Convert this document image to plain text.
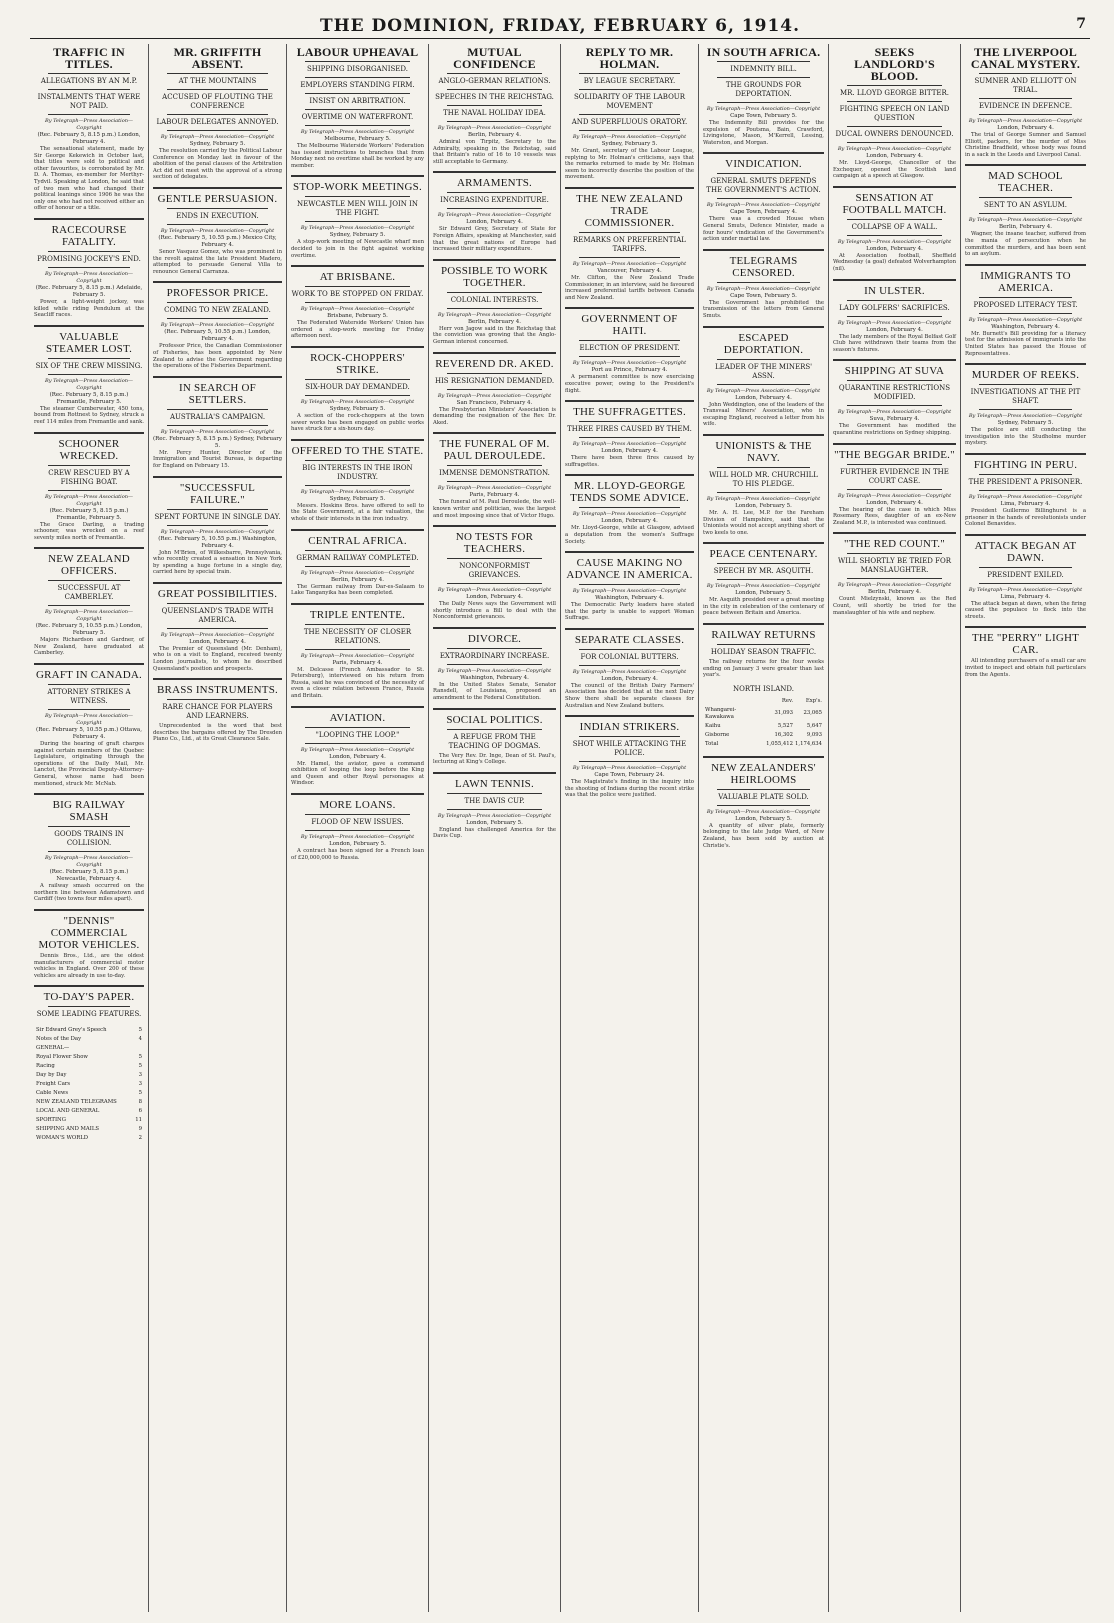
THE DOMINION, FRIDAY, FEBRUARY 6, 1914.	7
TRAFFIC IN TITLES.
ALLEGATIONS BY AN M.P.
INSTALMENTS THAT WERE NOT PAID.
By Telegraph—Press Association—Copyright
(Rec. February 5, 8.15 p.m.) London, February 4.

The sensational statement, made by Sir George Kekewich in October last, that titles were sold to political and other favourites, is corroborated by Mr. D. A. Thomas, ex-member for Merthyr-Tydvil. Speaking at London, he said that of two men who had changed their political leanings since 1906 he was the only one who had not received either an offer of honour or a title.

RACECOURSE FATALITY.
PROMISING JOCKEY'S END.
By Telegraph—Press Association—Copyright
(Rec. February 5, 8.15 p.m.) Adelaide, February 5.

Power, a light-weight jockey, was killed while riding Pendulum at the Seacliff races.

VALUABLE STEAMER LOST.
SIX OF THE CREW MISSING.
By Telegraph—Press Association—Copyright
(Rec. February 5, 8.15 p.m.) Fremantle, February 5.

The steamer Cumberwater, 450 tons, bound from Rottnest to Sydney, struck a reef 114 miles from Fremantle and sank.

SCHOONER WRECKED.
CREW RESCUED BY A FISHING BOAT.
By Telegraph—Press Association—Copyright
(Rec. February 5, 8.15 p.m.) Fremantle, February 5.

The Grace Darling, a trading schooner, was wrecked on a reef seventy miles north of Fremantle.

NEW ZEALAND OFFICERS.
SUCCESSFUL AT CAMBERLEY.
By Telegraph—Press Association—Copyright
(Rec. February 5, 10.55 p.m.) London, February 5.

Majors Richardson and Gardner, of New Zealand, have graduated at Camberley.

GRAFT IN CANADA.
ATTORNEY STRIKES A WITNESS.
By Telegraph—Press Association—Copyright
(Rec. February 5, 10.55 p.m.) Ottawa, February 4.

During the hearing of graft charges against certain members of the Quebec Legislature, originating through the operations of the Daily Mail, Mr. Lanctot, the Provincial Deputy-Attorney-General, whose name had been mentioned, struck Mr. McNab.

BIG RAILWAY SMASH
GOODS TRAINS IN COLLISION.
By Telegraph—Press Association—Copyright
(Rec. February 5, 8.15 p.m.) Newcastle, February 4.

A railway smash occurred on the northern line between Adamstown and Cardiff (two towns four miles apart).

"DENNIS" COMMERCIAL MOTOR VEHICLES.

Dennis Bros., Ltd., are the oldest manufacturers of commercial motor vehicles in England. Over 200 of these vehicles are already in use to-day.

TO-DAY'S PAPER.
SOME LEADING FEATURES.
Sir Edward Grey's Speech	5
Notes of the Day	4
GENERAL—	
Royal Flower Show	5
Racing	5
Day by Day	3
Freight Cars	3
Cable News	5
NEW ZEALAND TELEGRAMS	8
LOCAL AND GENERAL	6
SPORTING	11
SHIPPING AND MAILS	9
WOMAN'S WORLD	2
MR. GRIFFITH ABSENT.
AT THE MOUNTAINS
ACCUSED OF FLOUTING THE CONFERENCE
LABOUR DELEGATES ANNOYED.
By Telegraph—Press Association—Copyright
Sydney, February 5.

The resolution carried by the Political Labour Conference on Monday last in favour of the abolition of the penal clauses of the Arbitration Act did not meet with the approval of a strong section of delegates.

GENTLE PERSUASION.
ENDS IN EXECUTION.
By Telegraph—Press Association—Copyright
(Rec. February 5, 10.55 p.m.) Mexico City, February 4.

Senor Vasquez Gomez, who was prominent in the revolt against the late President Madero, attempted to persuade General Villa to renounce General Carranza.

PROFESSOR PRICE.
COMING TO NEW ZEALAND.
By Telegraph—Press Association—Copyright
(Rec. February 5, 10.55 p.m.) London, February 4.

Professor Price, the Canadian Commissioner of Fisheries, has been appointed by New Zealand to advise the Government regarding the operations of the Fisheries Department.

IN SEARCH OF SETTLERS.
AUSTRALIA'S CAMPAIGN.
By Telegraph—Press Association—Copyright
(Rec. February 5, 8.15 p.m.) Sydney, February 5.

Mr. Percy Hunter, Director of the Immigration and Tourist Bureau, is departing for England on February 15.

"SUCCESSFUL FAILURE."
SPENT FORTUNE IN SINGLE DAY.
By Telegraph—Press Association—Copyright
(Rec. February 5, 10.55 p.m.) Washington, February 4.

John M'Brien, of Wilkesbarre, Pennsylvania, who recently created a sensation in New York by spending a huge fortune in a single day, carried here by special train.

GREAT POSSIBILITIES.
QUEENSLAND'S TRADE WITH AMERICA.
By Telegraph—Press Association—Copyright
London, February 4.

The Premier of Queensland (Mr. Denham), who is on a visit to England, received twenty London journalists, to whom he described Queensland's position and prospects.

BRASS INSTRUMENTS.
RARE CHANCE FOR PLAYERS AND LEARNERS.

Unprecedented is the word that best describes the bargains offered by The Dresden Piano Co., Ltd., at its Great Clearance Sale.

LABOUR UPHEAVAL
SHIPPING DISORGANISED.
EMPLOYERS STANDING FIRM.
INSIST ON ARBITRATION.
OVERTIME ON WATERFRONT.
By Telegraph—Press Association—Copyright
Melbourne, February 5.

The Melbourne Waterside Workers' Federation has issued instructions to branches that from Monday next no overtime shall be worked by any member.

STOP-WORK MEETINGS.
NEWCASTLE MEN WILL JOIN IN THE FIGHT.
By Telegraph—Press Association—Copyright
Sydney, February 5.

A stop-work meeting of Newcastle wharf men decided to join in the fight against working overtime.

AT BRISBANE.
WORK TO BE STOPPED ON FRIDAY.
By Telegraph—Press Association—Copyright
Brisbane, February 5.

The Federated Waterside Workers' Union has ordered a stop-work meeting for Friday afternoon next.

ROCK-CHOPPERS' STRIKE.
SIX-HOUR DAY DEMANDED.
By Telegraph—Press Association—Copyright
Sydney, February 5.

A section of the rock-choppers at the town sewer works has been engaged on public works have struck for a six-hours day.

OFFERED TO THE STATE.
BIG INTERESTS IN THE IRON INDUSTRY.
By Telegraph—Press Association—Copyright
Sydney, February 5.

Messrs. Hoskins Bros. have offered to sell to the State Government, at a fair valuation, the whole of their interests in the iron industry.

CENTRAL AFRICA.
GERMAN RAILWAY COMPLETED.
By Telegraph—Press Association—Copyright
Berlin, February 4.

The German railway from Dar-es-Salaam to Lake Tanganyika has been completed.

TRIPLE ENTENTE.
THE NECESSITY OF CLOSER RELATIONS.
By Telegraph—Press Association—Copyright
Paris, February 4.

M. Delcasse (French Ambassador to St. Petersburg), interviewed on his return from Russia, said he was convinced of the necessity of even a closer relation between France, Russia and Britain.

AVIATION.
"LOOPING THE LOOP."
By Telegraph—Press Association—Copyright
London, February 4.

Mr. Hamel, the aviator, gave a command exhibition of looping the loop before the King and Queen and other Royal personages at Windsor.

MORE LOANS.
FLOOD OF NEW ISSUES.
By Telegraph—Press Association—Copyright
London, February 5.

A contract has been signed for a French loan of £20,000,000 to Russia.

MUTUAL CONFIDENCE
ANGLO-GERMAN RELATIONS.
SPEECHES IN THE REICHSTAG.
THE NAVAL HOLIDAY IDEA.
By Telegraph—Press Association—Copyright
Berlin, February 4.

Admiral von Tirpitz, Secretary to the Admiralty, speaking in the Reichstag, said that Britain's ratio of 16 to 10 vessels was still acceptable to Germany.

ARMAMENTS.
INCREASING EXPENDITURE.
By Telegraph—Press Association—Copyright
London, February 4.

Sir Edward Grey, Secretary of State for Foreign Affairs, speaking at Manchester, said that the great nations of Europe had increased their military expenditure.

POSSIBLE TO WORK TOGETHER.
COLONIAL INTERESTS.
By Telegraph—Press Association—Copyright
Berlin, February 4.

Herr von Jagow said in the Reichstag that the conviction was growing that the Anglo-German interest concerned.

REVEREND DR. AKED.
HIS RESIGNATION DEMANDED.
By Telegraph—Press Association—Copyright
San Francisco, February 4.

The Presbyterian Ministers' Association is demanding the resignation of the Rev. Dr. Aked.

THE FUNERAL OF M. PAUL DEROULEDE.
IMMENSE DEMONSTRATION.
By Telegraph—Press Association—Copyright
Paris, February 4.

The funeral of M. Paul Deroulede, the well-known writer and politician, was the largest and most imposing since that of Victor Hugo.

NO TESTS FOR TEACHERS.
NONCONFORMIST GRIEVANCES.
By Telegraph—Press Association—Copyright
London, February 4.

The Daily News says the Government will shortly introduce a Bill to deal with the Nonconformist grievances.

DIVORCE.
EXTRAORDINARY INCREASE.
By Telegraph—Press Association—Copyright
Washington, February 4.

In the United States Senate, Senator Ransdell, of Louisiana, proposed an amendment to the Federal Constitution.

SOCIAL POLITICS.
A REFUGE FROM THE TEACHING OF DOGMAS.

The Very Rev. Dr. Inge, Dean of St. Paul's, lecturing at King's College.

LAWN TENNIS.
THE DAVIS CUP.
By Telegraph—Press Association—Copyright
London, February 5.

England has challenged America for the Davis Cup.

REPLY TO MR. HOLMAN.
BY LEAGUE SECRETARY.
SOLIDARITY OF THE LABOUR MOVEMENT
AND SUPERFLUOUS ORATORY.
By Telegraph—Press Association—Copyright
Sydney, February 5.

Mr. Grant, secretary of the Labour League, replying to Mr. Holman's criticisms, says that the remarks returned to made by Mr. Holman seem to incorrectly describe the position of the movement.

THE NEW ZEALAND TRADE COMMISSIONER.
REMARKS ON PREFERENTIAL TARIFFS.
By Telegraph—Press Association—Copyright
Vancouver, February 4.

Mr. Clifton, the New Zealand Trade Commissioner, in an interview, said he favoured increased preferential tariffs between Canada and New Zealand.

GOVERNMENT OF HAITI.
ELECTION OF PRESIDENT.
By Telegraph—Press Association—Copyright
Port au Prince, February 4.

A permanent committee is now exercising executive power, owing to the President's flight.

THE SUFFRAGETTES.
THREE FIRES CAUSED BY THEM.
By Telegraph—Press Association—Copyright
London, February 4.

There have been three fires caused by suffragettes.

MR. LLOYD-GEORGE TENDS SOME ADVICE.
By Telegraph—Press Association—Copyright
London, February 4.

Mr. Lloyd-George, while at Glasgow, advised a deputation from the women's Suffrage Society.

CAUSE MAKING NO ADVANCE IN AMERICA.
By Telegraph—Press Association—Copyright
Washington, February 4.

The Democratic Party leaders have stated that the party is unable to support Woman Suffrage.

SEPARATE CLASSES.
FOR COLONIAL BUTTERS.
By Telegraph—Press Association—Copyright
London, February 4.

The council of the British Dairy Farmers' Association has decided that at the next Dairy Show there shall be separate classes for Australian and New Zealand butters.

INDIAN STRIKERS.
SHOT WHILE ATTACKING THE POLICE.
By Telegraph—Press Association—Copyright
Cape Town, February 24.

The Magistrate's finding in the inquiry into the shooting of Indians during the recent strike was that the police were justified.

IN SOUTH AFRICA.
INDEMNITY BILL.
THE GROUNDS FOR DEPORTATION.
By Telegraph—Press Association—Copyright
Cape Town, February 5.

The Indemnity Bill provides for the expulsion of Poutsma, Bain, Crawford, Livingstone, Mason, M'Kerrell, Lessing, Waterston, and Morgan.

VINDICATION.
GENERAL SMUTS DEFENDS THE GOVERNMENT'S ACTION.
By Telegraph—Press Association—Copyright
Cape Town, February 4.

There was a crowded House when General Smuts, Defence Minister, made a four hours' vindication of the Government's action under martial law.

TELEGRAMS CENSORED.
By Telegraph—Press Association—Copyright
Cape Town, February 5.

The Government has prohibited the transmission of the letters from General Smuts.

ESCAPED DEPORTATION.
LEADER OF THE MINERS' ASSN.
By Telegraph—Press Association—Copyright
London, February 4.

John Weddington, one of the leaders of the Transvaal Miners' Association, who in escaping England, received a letter from his wife.

UNIONISTS & THE NAVY.
WILL HOLD MR. CHURCHILL TO HIS PLEDGE.
By Telegraph—Press Association—Copyright
London, February 5.

Mr. A. H. Lee, M.P. for the Fareham Division of Hampshire, said that the Unionists would not accept anything short of two keels to one.

PEACE CENTENARY.
SPEECH BY MR. ASQUITH.
By Telegraph—Press Association—Copyright
London, February 5.

Mr. Asquith presided over a great meeting in the city in celebration of the centenary of peace between Britain and America.

RAILWAY RETURNS
HOLIDAY SEASON TRAFFIC.

The railway returns for the four weeks ending on January 3 were greater than last year's.

NORTH ISLAND.
	Rev.	Exp's.
Whangarei-Kawakawa	31,093	23,065
Kaihu	5,527	5,647
Gisborne	16,302	9,093
Total	1,055,412	1,174,634
NEW ZEALANDERS' HEIRLOOMS
VALUABLE PLATE SOLD.
By Telegraph—Press Association—Copyright
London, February 5.

A quantity of silver plate, formerly belonging to the late Judge Ward, of New Zealand, has been sold by auction at Christie's.

SEEKS LANDLORD'S BLOOD.
MR. LLOYD GEORGE BITTER.
FIGHTING SPEECH ON LAND QUESTION
DUCAL OWNERS DENOUNCED.
By Telegraph—Press Association—Copyright
London, February 4.

Mr. Lloyd-George, Chancellor of the Exchequer, opened the Scottish land campaign at a speech at Glasgow.

SENSATION AT FOOTBALL MATCH.
COLLAPSE OF A WALL.
By Telegraph—Press Association—Copyright
London, February 4.

At Association football, Sheffield Wednesday (a goal) defeated Wolverhampton (nil).

IN ULSTER.
LADY GOLFERS' SACRIFICES.
By Telegraph—Press Association—Copyright
London, February 4.

The lady members of the Royal Belfast Golf Club have withdrawn their teams from the season's fixtures.

SHIPPING AT SUVA
QUARANTINE RESTRICTIONS MODIFIED.
By Telegraph—Press Association—Copyright
Suva, February 4.

The Government has modified the quarantine restrictions on Sydney shipping.

"THE BEGGAR BRIDE."
FURTHER EVIDENCE IN THE COURT CASE.
By Telegraph—Press Association—Copyright
London, February 4.

The hearing of the case in which Miss Rosemary Rees, daughter of an ex-New Zealand M.P., is interested was continued.

"THE RED COUNT."
WILL SHORTLY BE TRIED FOR MANSLAUGHTER.
By Telegraph—Press Association—Copyright
Berlin, February 4.

Count Mielzynski, known as the Red Count, will shortly be tried for the manslaughter of his wife and nephew.

THE LIVERPOOL CANAL MYSTERY.
SUMNER AND ELLIOTT ON TRIAL.
EVIDENCE IN DEFENCE.
By Telegraph—Press Association—Copyright
London, February 4.

The trial of George Sumner and Samuel Elliott, packers, for the murder of Miss Christine Bradfield, whose body was found in a sack in the Leeds and Liverpool Canal.

MAD SCHOOL TEACHER.
SENT TO AN ASYLUM.
By Telegraph—Press Association—Copyright
Berlin, February 4.

Wagner, the insane teacher, suffered from the mania of persecution when he committed the murders, and has been sent to an asylum.

IMMIGRANTS TO AMERICA.
PROPOSED LITERACY TEST.
By Telegraph—Press Association—Copyright
Washington, February 4.

Mr. Burnett's Bill providing for a literacy test for the admission of immigrants into the United States has passed the House of Representatives.

MURDER OF REEKS.
INVESTIGATIONS AT THE PIT SHAFT.
By Telegraph—Press Association—Copyright
Sydney, February 5.

The police are still conducting the investigation into the Studholme murder mystery.

FIGHTING IN PERU.
THE PRESIDENT A PRISONER.
By Telegraph—Press Association—Copyright
Lima, February 4.

President Guillermo Billinghurst is a prisoner in the hands of revolutionists under Colonel Benavides.

ATTACK BEGAN AT DAWN.
PRESIDENT EXILED.
By Telegraph—Press Association—Copyright
Lima, February 4.

The attack began at dawn, when the firing caused the populace to flock into the streets.

THE "PERRY" LIGHT CAR.

All intending purchasers of a small car are invited to inspect and obtain full particulars from the Agents.
